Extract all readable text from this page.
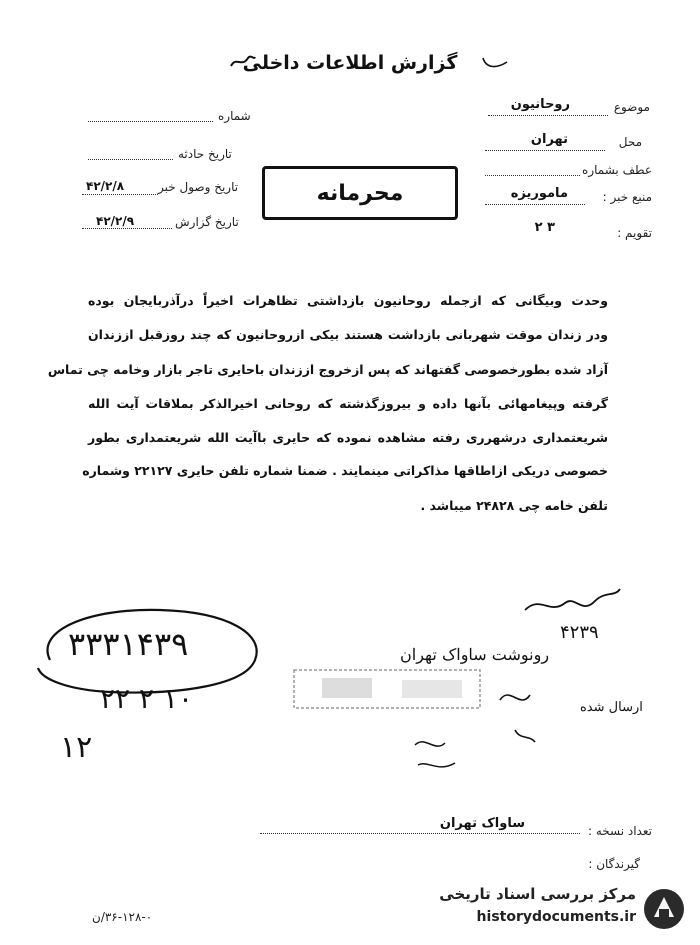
گزارش اطلاعات داخلی
شماره
تاریخ حادثه
تاریخ وصول خبر
۴۲/۲/۸
تاریخ گزارش
۴۲/۲/۹
محرمانه
موضوع
روحانیون
محل
تهران
عطف بشماره
منبع خبر :
ماموریزه
تقویم :
۲ ۳
وحدت وبیگانی که ازجمله روحانیون بازداشتی تظاهرات اخیراً درآذربایجان بوده
ودر زندان موقت شهربانی بازداشت هستند بیکی ازروحانیون که چند روزقبل اززندان
آزاد شده بطورخصوصی گفتهاند که پس ازخروج اززندان باحایری تاجر بازار وخامه چی تماس
گرفته وپیغامهائی بآنها داده و بیروزگذشته که روحانی اخیرالذکر بملاقات آیت الله
شریعتمداری درشهرری رفته مشاهده نموده که حایری باآیت الله شریعتمداری بطور
خصوصی دریکی ازاطاقها مذاکراتی مینمایند . ضمنا شماره تلفن حایری ۲۲۱۲۷ وشماره
تلفن خامه چی ۲۴۸۲۸ میباشد .
۳۳۳۱۴۳۹
۲۲ ۲ ۱۰
۱۲
۴۲۳۹
رونوشت ساواک تهران
ارسال شده
تعداد نسخه :
ساواک تهران
گیرندگان :
۳۶-۱۲۸-۰/ن
مرکز بررسی اسناد تاریخی
historydocuments.ir
